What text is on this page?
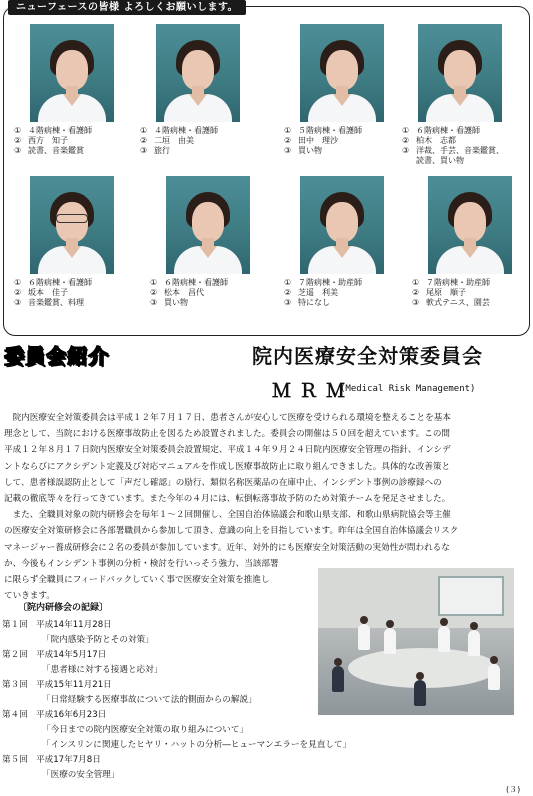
ニューフェースの皆様 よろしくお願いします。
① ４階病棟・看護師
② 西方　知子
③ 読書、音楽鑑賞
① ４階病棟・看護師
② 二垣　由美
③ 旅行
① ５階病棟・看護師
② 田中　理沙
③ 買い物
① ６階病棟・看護師
② 柏木　志都
③ 洋裁、手芸、音楽鑑賞、
読書、買い物
① ６階病棟・看護師
② 坂本　佳子
③ 音楽鑑賞、料理
① ６階病棟・看護師
② 松本　昌代
③ 買い物
① ７階病棟・助産師
② 芝遥　利美
③ 特になし
① ７階病棟・助産師
② 尾原　順子
③ 軟式テニス、園芸
委員会紹介	院内医療安全対策委員会
ＭＲＭ
(Medical Risk Management)
　院内医療安全対策委員会は平成１２年７月１７日、患者さんが安心して医療を受けられる環境を整えることを基本
理念として、当院における医療事故防止を図るため設置されました。委員会の開催は５０回を超えています。この間
平成１２年８月１７日院内医療安全対策委員会設置規定、平成１４年９月２４日院内医療安全管理の指針、インシデ
ントならびにアクシデント定義及び対応マニュアルを作成し医療事故防止に取り組んできました。具体的な改善策と
して、患者様誤認防止として「声だし確認」の励行、類似名称医薬品の在庫中止、インシデント事例の診療録への
記載の徹底等々を行ってきています。また今年の４月には、転倒転落事故予防のため対策チームを発足させました。
　また、全職員対象の院内研修会を毎年１～２回開催し、全国自治体協議会和歌山県支部、和歌山県病院協会等主催
の医療安全対策研修会に各部署職員から参加して頂き、意識の向上を目指しています。昨年は全国自治体協議会リスク
マネージャー養成研修会に２名の委員が参加しています。近年、対外的にも医療安全対策活動の実効性が問われるな
か、今後もインシデント事例の分析・検討を行いっそう強力、当該部署
に限らず全職員にフィードバックしていく事で医療安全対策を推進し
ていきます。
〔院内研修会の記録〕
第１回 平成14年11月28日
「院内感染予防とその対策」
第２回 平成14年5月17日
「患者様に対する接遇と応対」
第３回 平成15年11月21日
「日常経験する医療事故について法的側面からの解説」
第４回 平成16年6月23日
「今日までの院内医療安全対策の取り組みについて」
「インスリンに関連したヒヤリ・ハットの分析―ヒューマンエラーを見直して」
第５回 平成17年7月8日
「医療の安全管理」
(３)
